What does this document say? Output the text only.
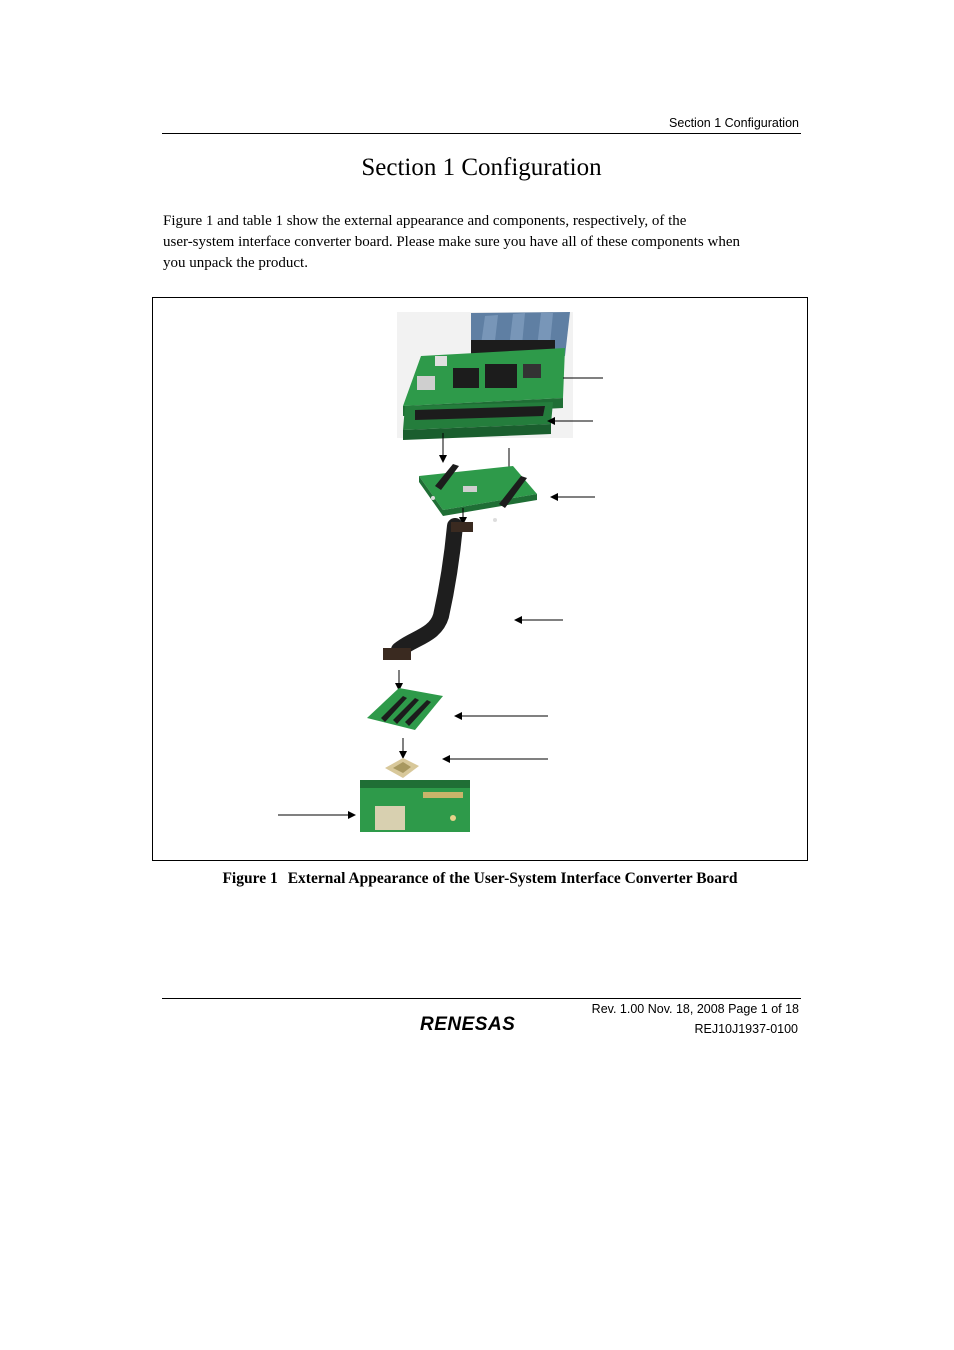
Section 1 Configuration
Section 1 Configuration

Figure 1 and table 1 show the external appearance and components, respectively, of the

user-system interface converter board. Please make sure you have all of these components when

you unpack the product.

Figure 1 External Appearance of the User-System Interface Converter Board
Rev. 1.00 Nov. 18, 2008 Page 1 of 18
REJ10J1937-0100
RENESAS
